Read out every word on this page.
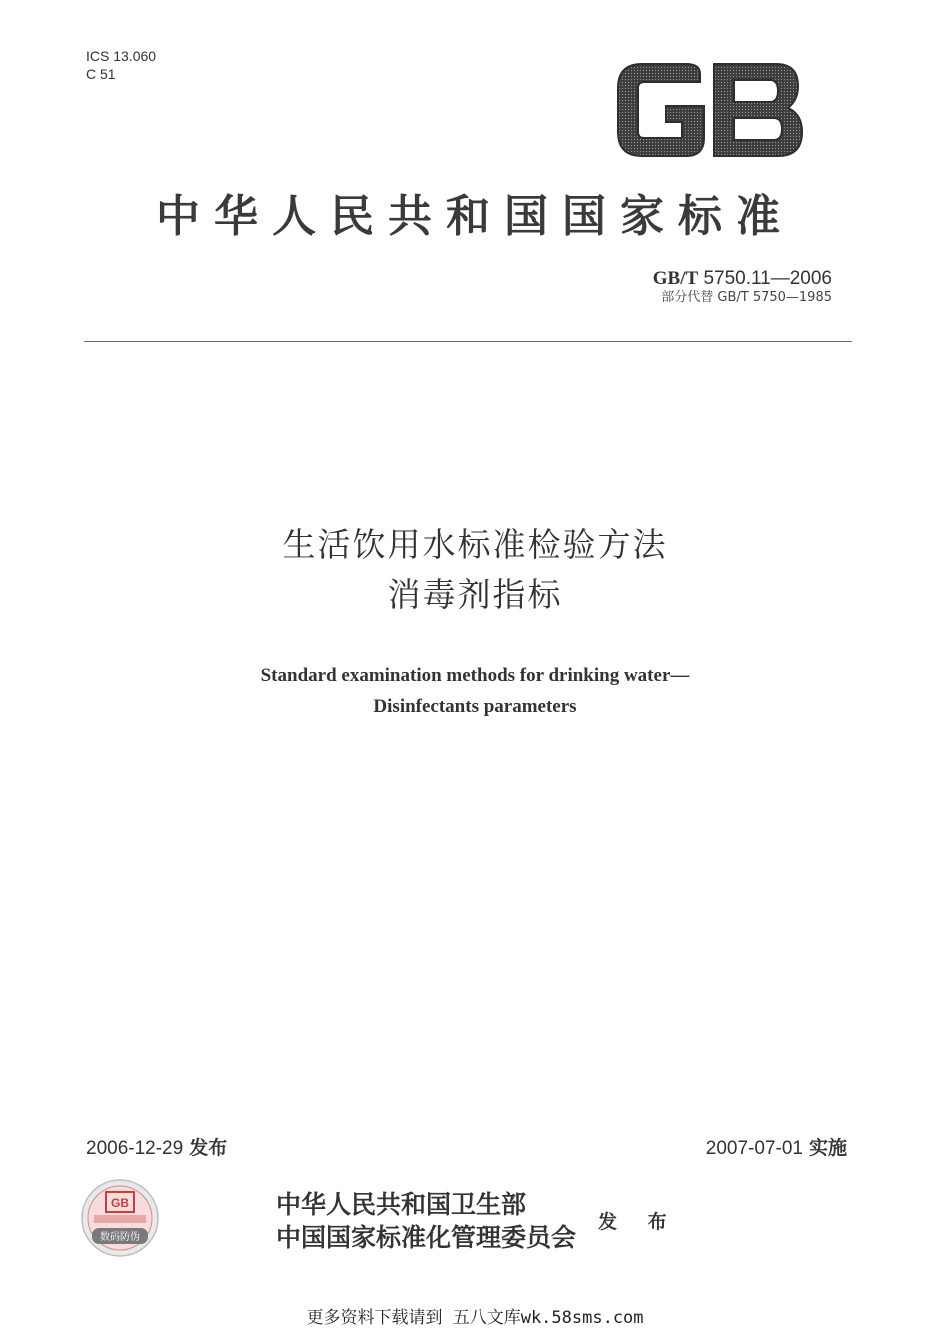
ICS 13.060
C 51
中华人民共和国国家标准
GB/T 5750.11—2006
部分代替 GB/T 5750—1985
生活饮用水标准检验方法
消毒剂指标
Standard examination methods for drinking water—
Disinfectants parameters
2006-12-29 发布	2007-07-01 实施
GB
数码防伪
中华人民共和国卫生部
中国国家标准化管理委员会
发 布
更多资料下载请到 五八文库wk.58sms.com
